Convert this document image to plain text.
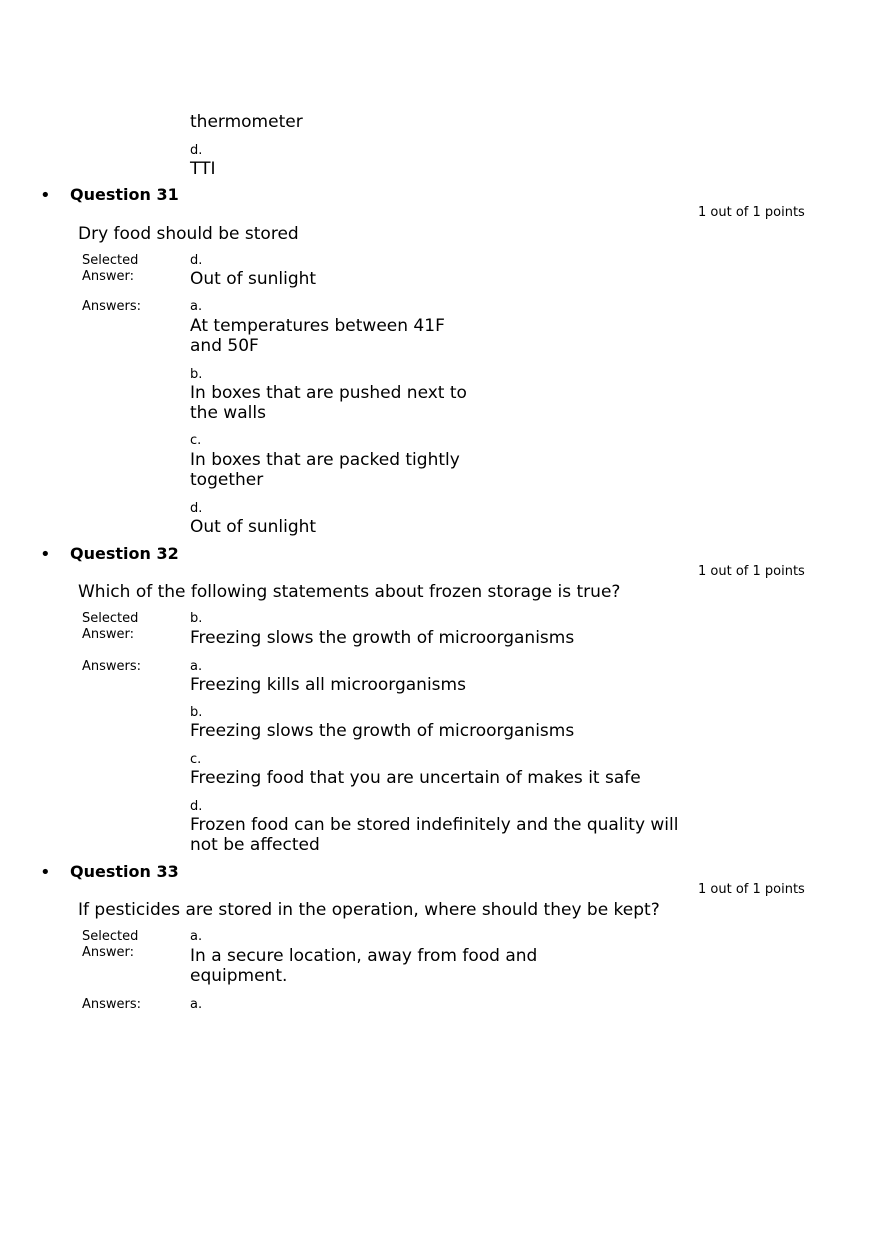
thermometer
d.
TTI
• Question 31
1 out of 1 points
Dry food should be stored
Selected
Answer:
d.
Out of sunlight
Answers:	a.
At temperatures between 41F
and 50F
b.
In boxes that are pushed next to
the walls
c.
In boxes that are packed tightly
together
d.
Out of sunlight
• Question 32
1 out of 1 points
Which of the following statements about frozen storage is true?
Selected
Answer:
b.
Freezing slows the growth of microorganisms
Answers:	a.
Freezing kills all microorganisms
b.
Freezing slows the growth of microorganisms
c.
Freezing food that you are uncertain of makes it safe
d.
Frozen food can be stored indefinitely and the quality will
not be affected
• Question 33
1 out of 1 points
If pesticides are stored in the operation, where should they be kept?
Selected
Answer:
a.
In a secure location, away from food and
equipment.
Answers:	a.
